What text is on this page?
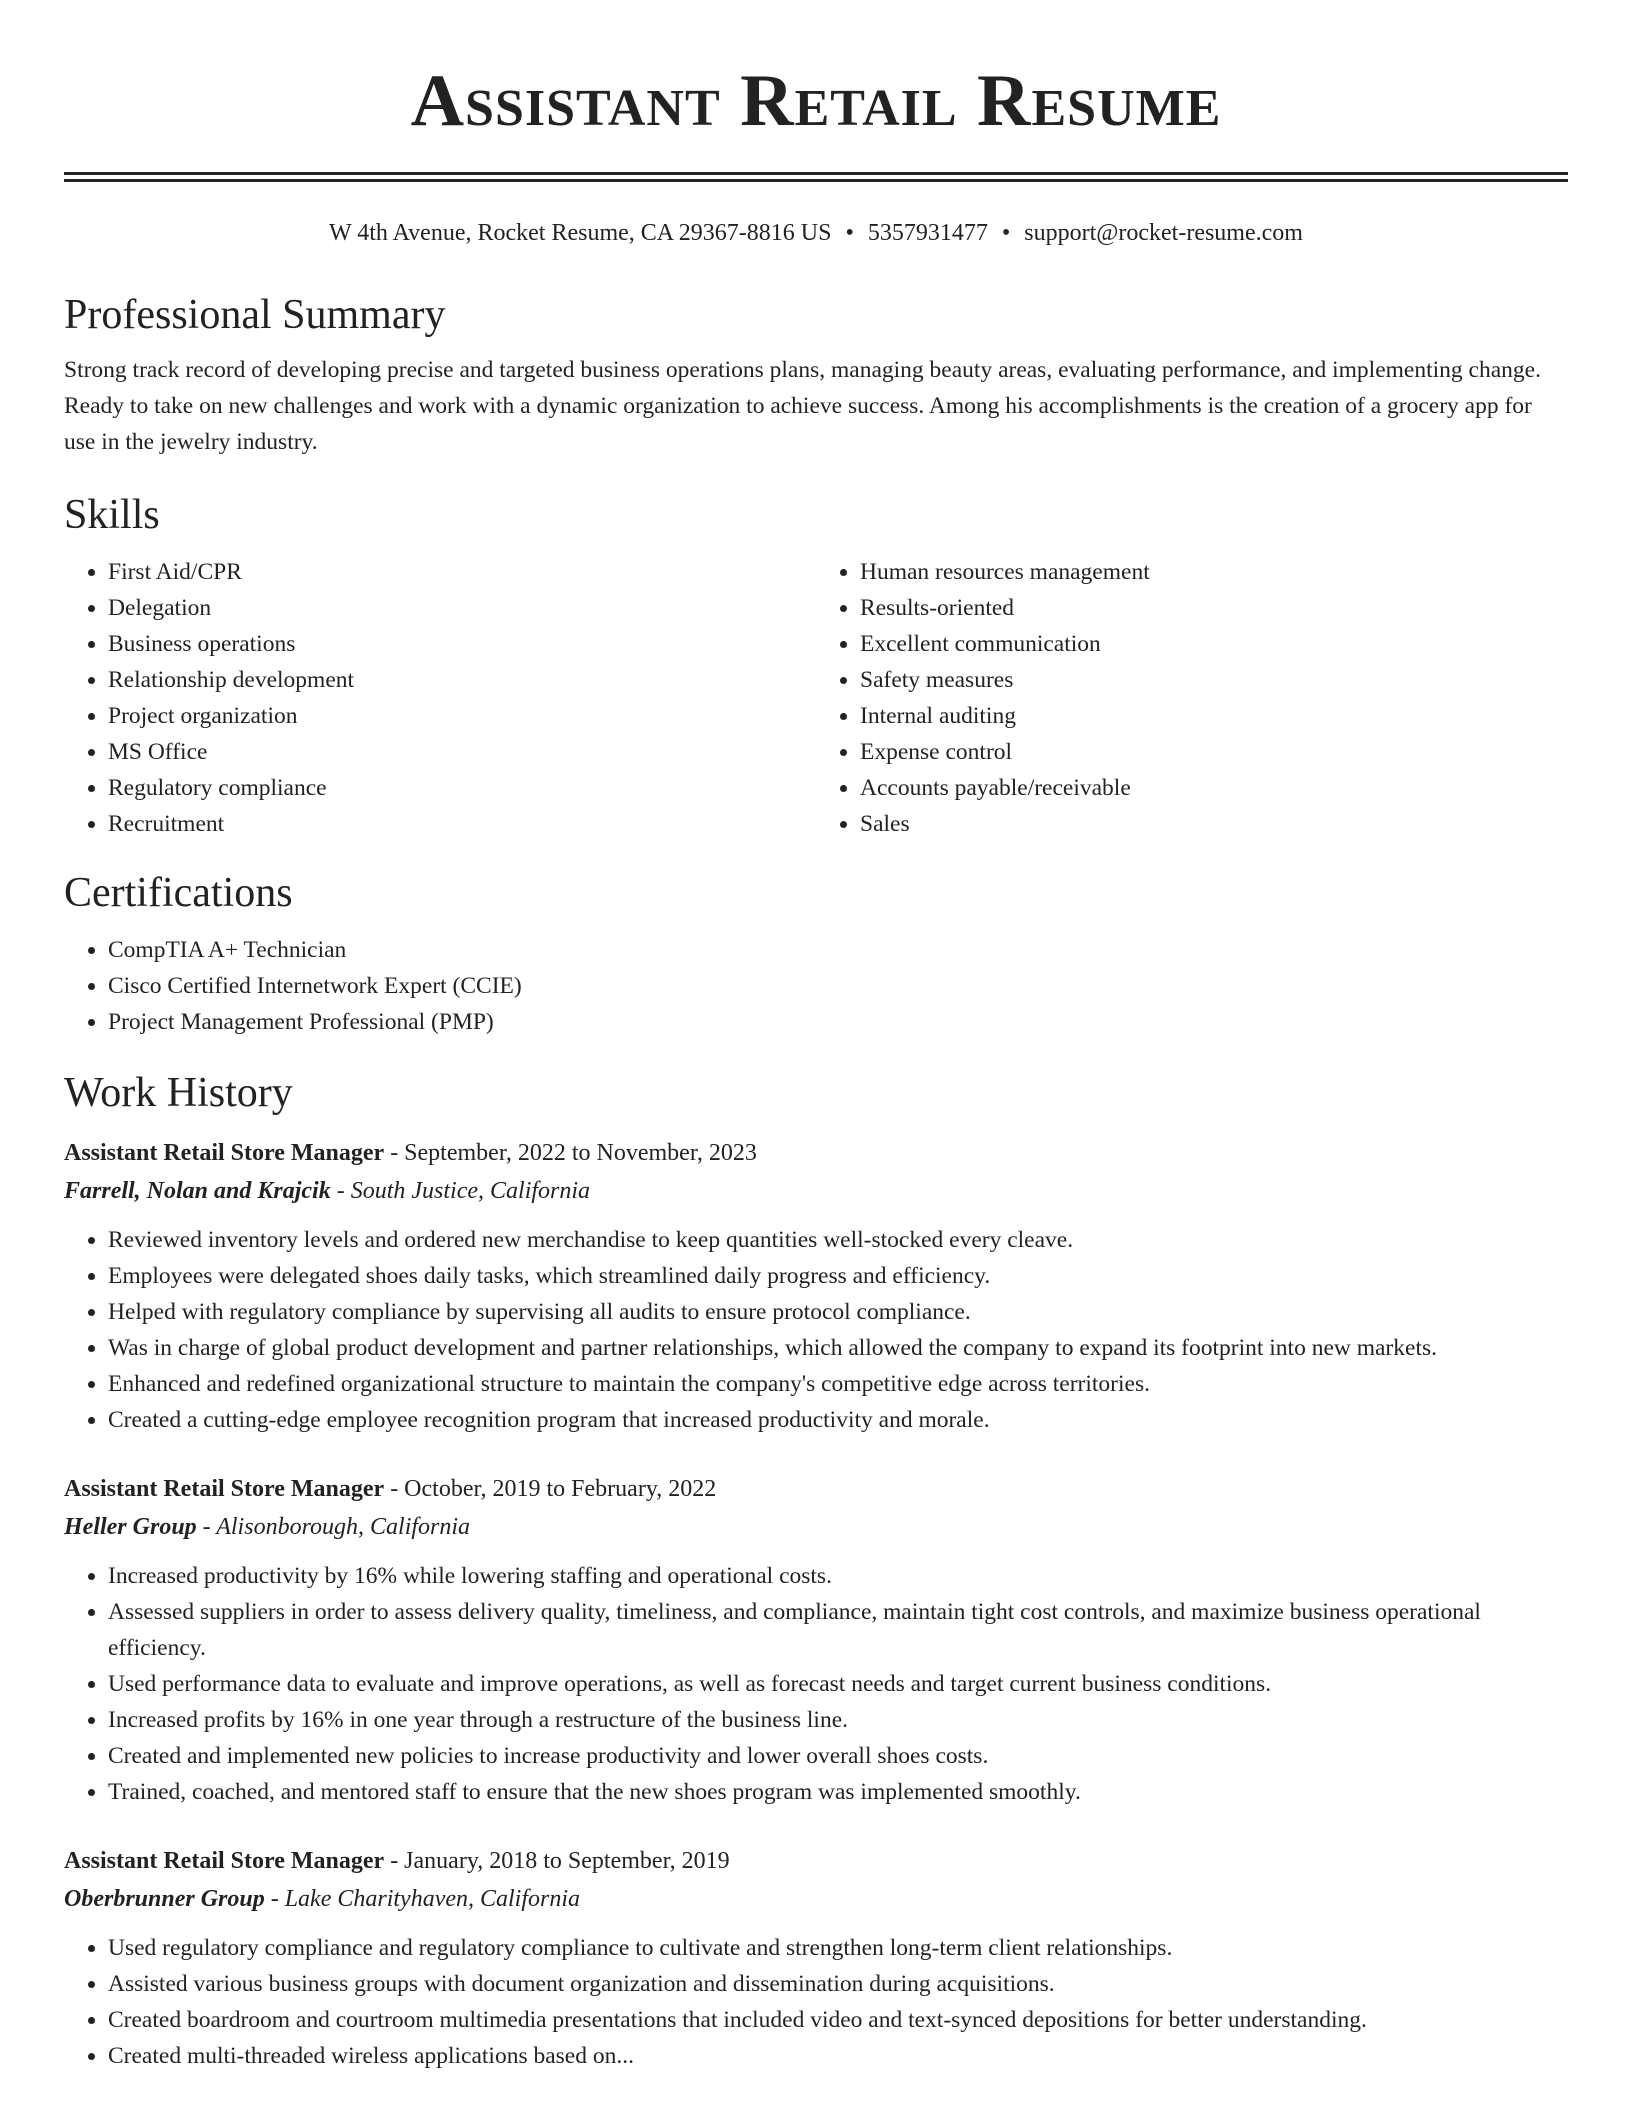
Assistant Retail Resume
W 4th Avenue, Rocket Resume, CA 29367-8816 US • 5357931477 • support@rocket-resume.com
Professional Summary

Strong track record of developing precise and targeted business operations plans, managing beauty areas, evaluating performance, and implementing change. Ready to take on new challenges and work with a dynamic organization to achieve success. Among his accomplishments is the creation of a grocery app for use in the jewelry industry.

Skills
• First Aid/CPR
• Delegation
• Business operations
• Relationship development
• Project organization
• MS Office
• Regulatory compliance
• Recruitment
• Human resources management
• Results-oriented
• Excellent communication
• Safety measures
• Internal auditing
• Expense control
• Accounts payable/receivable
• Sales
Certifications
• CompTIA A+ Technician
• Cisco Certified Internetwork Expert (CCIE)
• Project Management Professional (PMP)
Work History
Assistant Retail Store Manager - September, 2022 to November, 2023
Farrell, Nolan and Krajcik - South Justice, California
• Reviewed inventory levels and ordered new merchandise to keep quantities well-stocked every cleave.
• Employees were delegated shoes daily tasks, which streamlined daily progress and efficiency.
• Helped with regulatory compliance by supervising all audits to ensure protocol compliance.
• Was in charge of global product development and partner relationships, which allowed the company to expand its footprint into new markets.
• Enhanced and redefined organizational structure to maintain the company's competitive edge across territories.
• Created a cutting-edge employee recognition program that increased productivity and morale.
Assistant Retail Store Manager - October, 2019 to February, 2022
Heller Group - Alisonborough, California
• Increased productivity by 16% while lowering staffing and operational costs.
• Assessed suppliers in order to assess delivery quality, timeliness, and compliance, maintain tight cost controls, and maximize business operational efficiency.
• Used performance data to evaluate and improve operations, as well as forecast needs and target current business conditions.
• Increased profits by 16% in one year through a restructure of the business line.
• Created and implemented new policies to increase productivity and lower overall shoes costs.
• Trained, coached, and mentored staff to ensure that the new shoes program was implemented smoothly.
Assistant Retail Store Manager - January, 2018 to September, 2019
Oberbrunner Group - Lake Charityhaven, California
• Used regulatory compliance and regulatory compliance to cultivate and strengthen long-term client relationships.
• Assisted various business groups with document organization and dissemination during acquisitions.
• Created boardroom and courtroom multimedia presentations that included video and text-synced depositions for better understanding.
• Created multi-threaded wireless applications based on...
